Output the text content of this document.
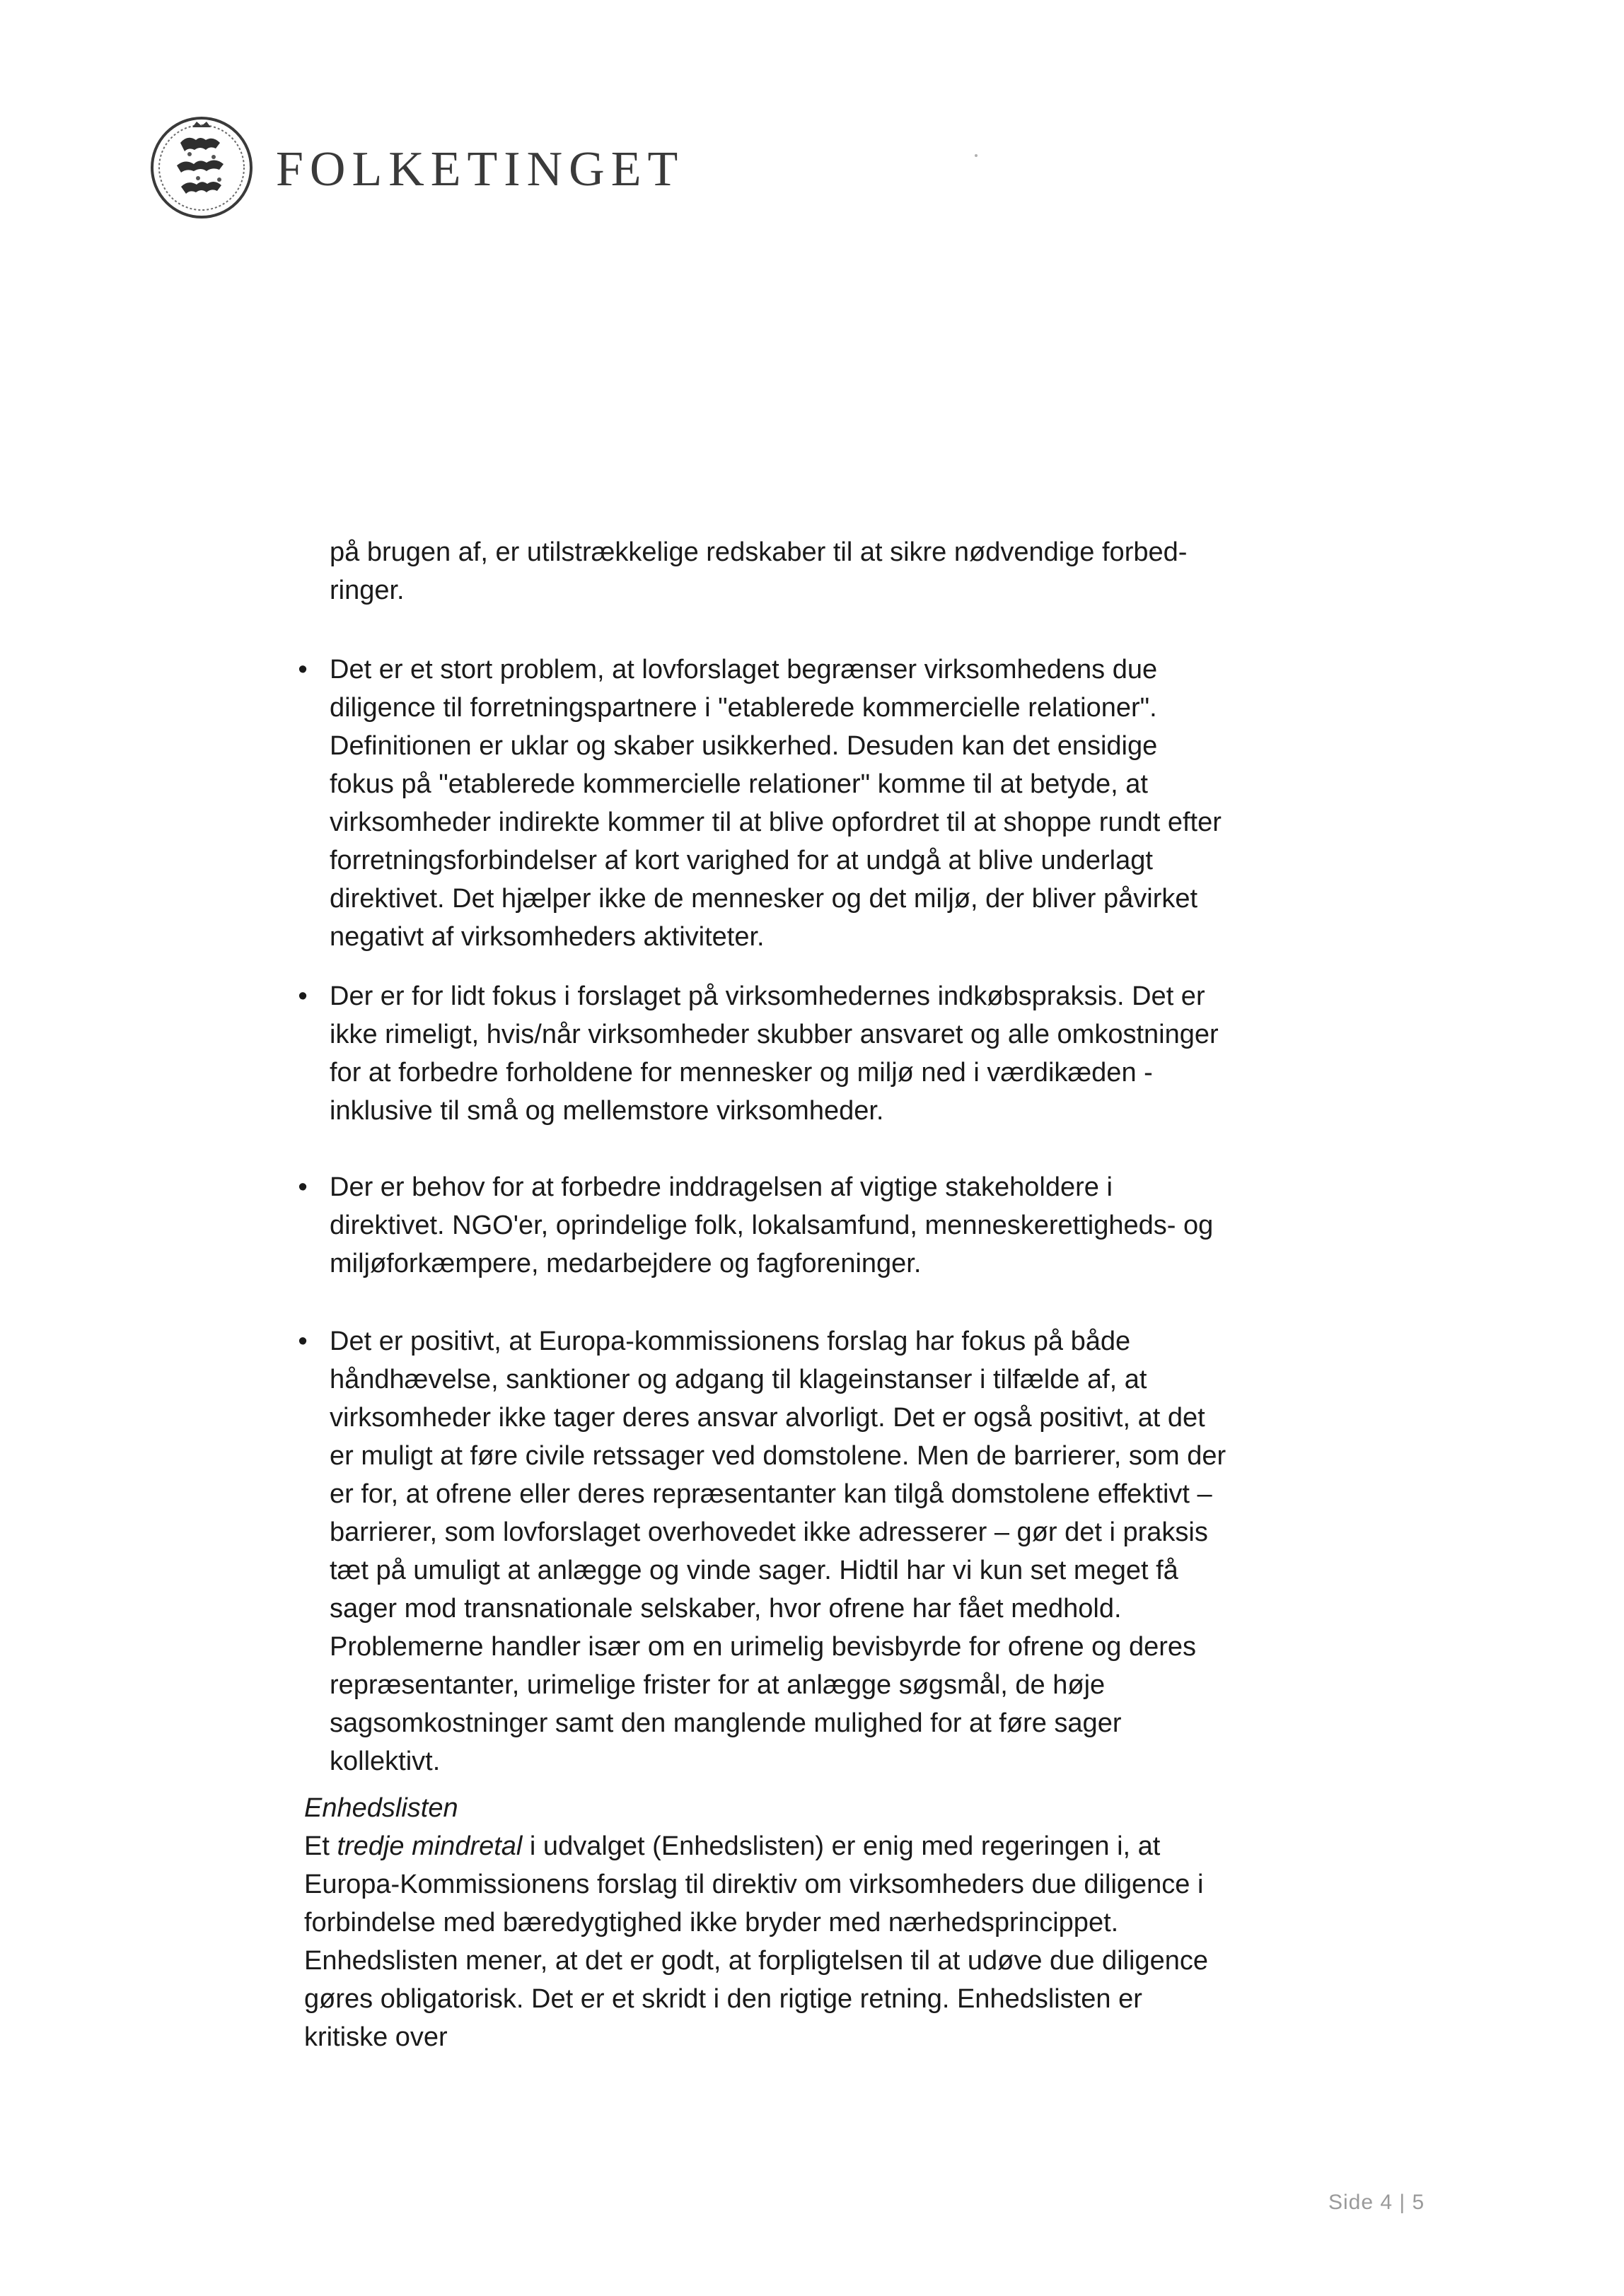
FOLKETINGET
på brugen af, er utilstrækkelige redskaber til at sikre nødvendige forbed-ringer.
• Det er et stort problem, at lovforslaget begrænser virksomhedens due diligence til forretningspartnere i "etablerede kommercielle relationer". Definitionen er uklar og skaber usikkerhed. Desuden kan det ensidige fokus på "etablerede kommercielle relationer" komme til at betyde, at virksomheder indirekte kommer til at blive opfordret til at shoppe rundt efter forretningsforbindelser af kort varighed for at undgå at blive underlagt direktivet. Det hjælper ikke de mennesker og det miljø, der bliver påvirket negativt af virksomheders aktiviteter.
• Der er for lidt fokus i forslaget på virksomhedernes indkøbspraksis. Det er ikke rimeligt, hvis/når virksomheder skubber ansvaret og alle omkostninger for at forbedre forholdene for mennesker og miljø ned i værdikæden - inklusive til små og mellemstore virksomheder.
• Der er behov for at forbedre inddragelsen af vigtige stakeholdere i direktivet. NGO'er, oprindelige folk, lokalsamfund, menneskerettigheds- og miljøforkæmpere, medarbejdere og fagforeninger.
• Det er positivt, at Europa-kommissionens forslag har fokus på både håndhævelse, sanktioner og adgang til klageinstanser i tilfælde af, at virksomheder ikke tager deres ansvar alvorligt. Det er også positivt, at det er muligt at føre civile retssager ved domstolene. Men de barrierer, som der er for, at ofrene eller deres repræsentanter kan tilgå domstolene effektivt – barrierer, som lovforslaget overhovedet ikke adresserer – gør det i praksis tæt på umuligt at anlægge og vinde sager. Hidtil har vi kun set meget få sager mod transnationale selskaber, hvor ofrene har fået medhold. Problemerne handler især om en urimelig bevisbyrde for ofrene og deres repræsentanter, urimelige frister for at anlægge søgsmål, de høje sagsomkostninger samt den manglende mulighed for at føre sager kollektivt.
Enhedslisten
Et tredje mindretal i udvalget (Enhedslisten) er enig med regeringen i, at Europa-Kommissionens forslag til direktiv om virksomheders due diligence i forbindelse med bæredygtighed ikke bryder med nærhedsprincippet. Enhedslisten mener, at det er godt, at forpligtelsen til at udøve due diligence gøres obligatorisk. Det er et skridt i den rigtige retning. Enhedslisten er kritiske over
Side 4 | 5
